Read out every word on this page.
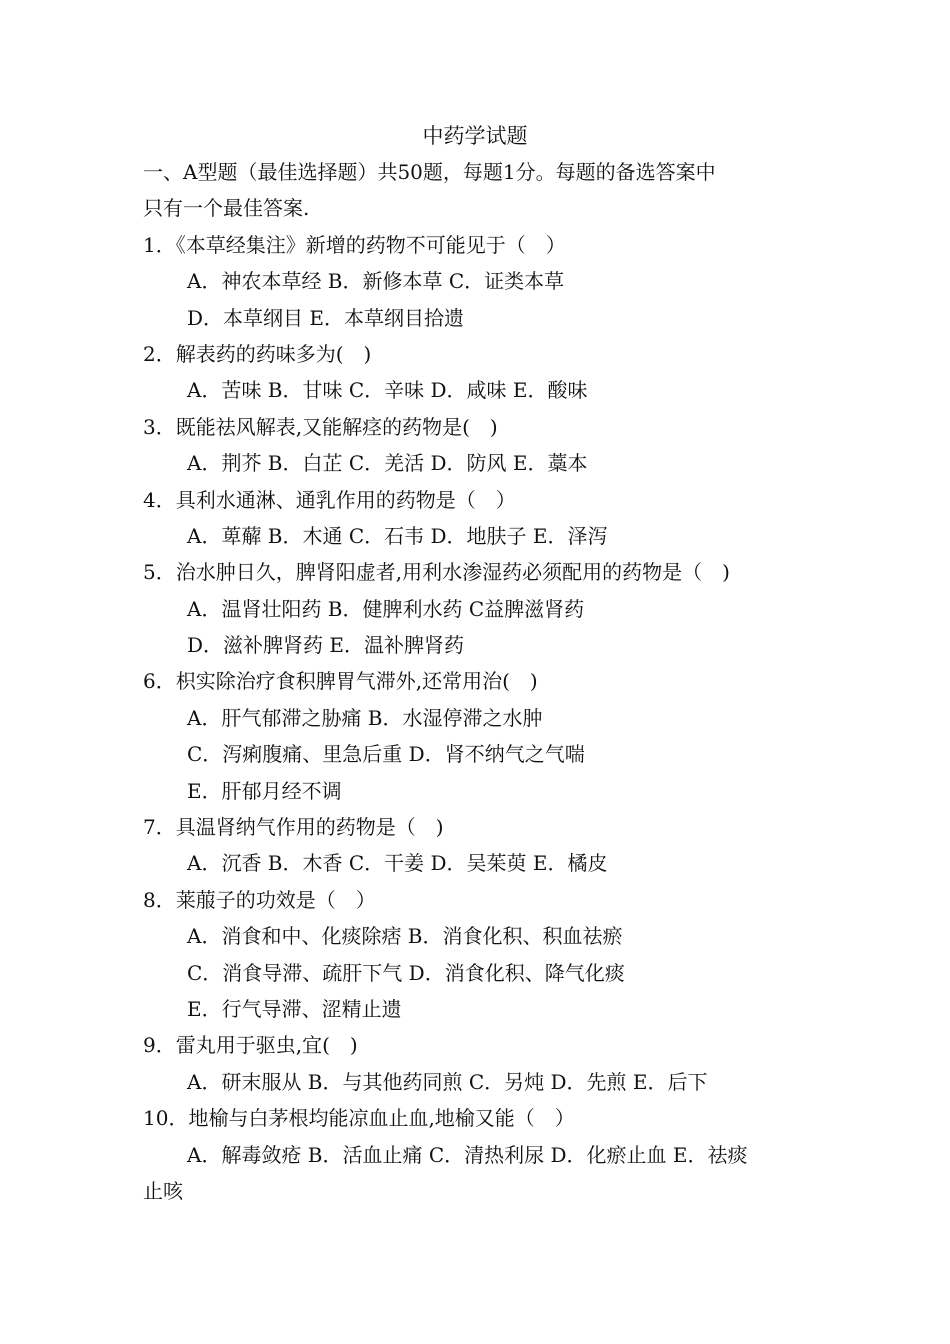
中药学试题
一、A型题（最佳选择题）共50题，每题1分。每题的备选答案中
只有一个最佳答案.
1．《本草经集注》新增的药物不可能见于（　）
A．神农本草经 B．新修本草 C．证类本草
D．本草纲目 E．本草纲目拾遗
2．解表药的药味多为(　)
A．苦味 B．甘味 C．辛味 D．咸味 E．酸味
3．既能祛风解表,又能解痉的药物是(　)
A．荆芥 B．白芷 C．羌活 D．防风 E．藁本
4．具利水通淋、通乳作用的药物是（　）
A．萆薢 B．木通 C．石韦 D．地肤子 E．泽泻
5．治水肿日久，脾肾阳虚者,用利水渗湿药必须配用的药物是（　)
A．温肾壮阳药 B．健脾利水药 C益脾滋肾药
D．滋补脾肾药 E．温补脾肾药
6．枳实除治疗食积脾胃气滞外,还常用治(　)
A．肝气郁滞之胁痛 B．水湿停滞之水肿
C．泻痢腹痛、里急后重 D．肾不纳气之气喘
E．肝郁月经不调
7．具温肾纳气作用的药物是（　)
A．沉香 B．木香 C．干姜 D．吴茱萸 E．橘皮
8．莱菔子的功效是（　）
A．消食和中、化痰除痞 B．消食化积、积血祛瘀
C．消食导滞、疏肝下气 D．消食化积、降气化痰
E．行气导滞、涩精止遗
9．雷丸用于驱虫,宜(　)
A．研末服从 B．与其他药同煎 C．另炖 D．先煎 E．后下
10．地榆与白茅根均能凉血止血,地榆又能（　）
A．解毒敛疮 B．活血止痛 C．清热利尿 D．化瘀止血 E．祛痰
止咳
